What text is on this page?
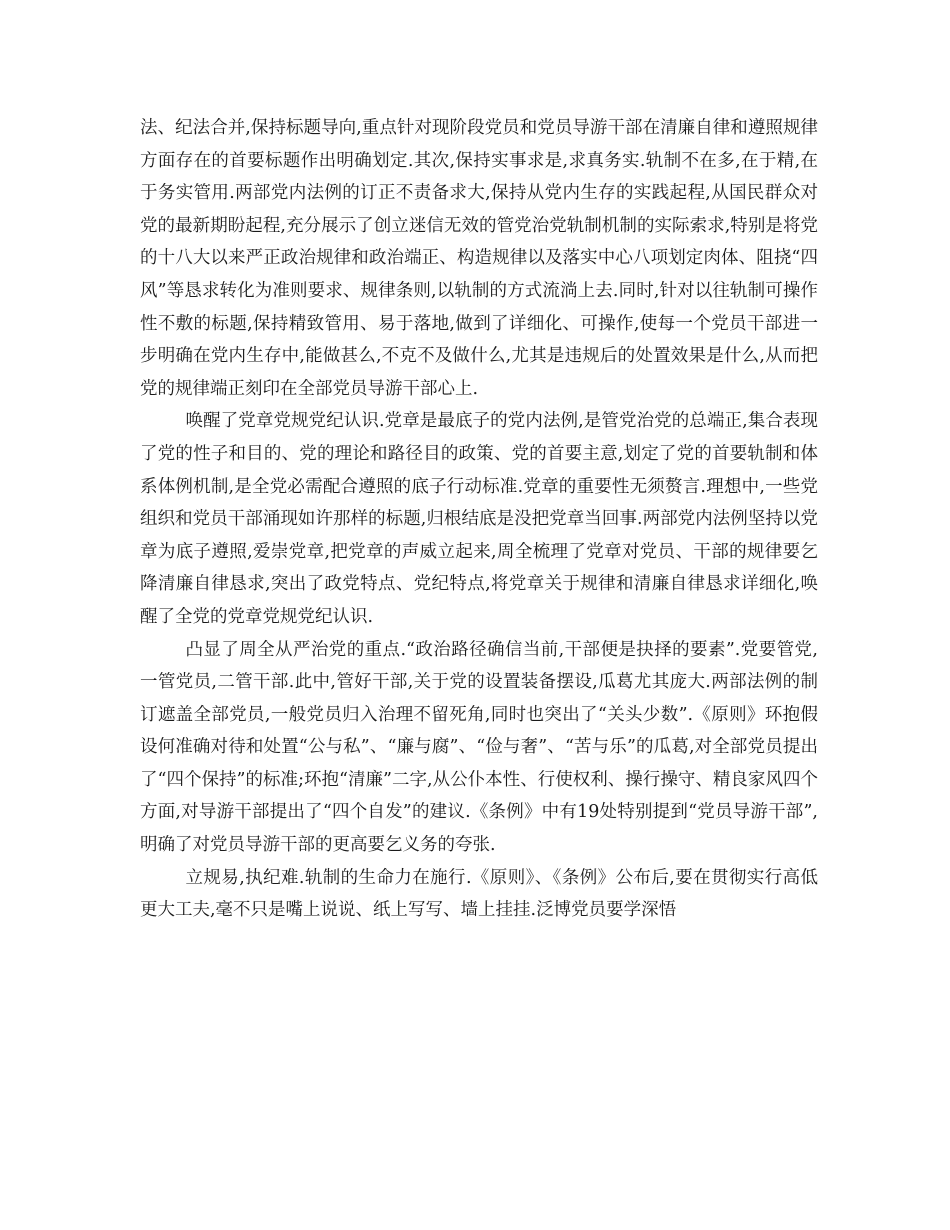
法、纪法合并,保持标题导向,重点针对现阶段党员和党员导游干部在清廉自律和遵照规律方面存在的首要标题作出明确划定.其次,保持实事求是,求真务实.轨制不在多,在于精,在于务实管用.两部党内法例的订正不责备求大,保持从党内生存的实践起程,从国民群众对党的最新期盼起程,充分展示了创立迷信无效的管党治党轨制机制的实际索求,特别是将党的十八大以来严正政治规律和政治端正、构造规律以及落实中心八项划定肉体、阻挠“四风”等恳求转化为准则要求、规律条则,以轨制的方式流淌上去.同时,针对以往轨制可操作性不敷的标题,保持精致管用、易于落地,做到了详细化、可操作,使每一个党员干部进一步明确在党内生存中,能做甚么,不克不及做什么,尤其是违规后的处置效果是什么,从而把党的规律端正刻印在全部党员导游干部心上.

唤醒了党章党规党纪认识.党章是最底子的党内法例,是管党治党的总端正,集合表现了党的性子和目的、党的理论和路径目的政策、党的首要主意,划定了党的首要轨制和体系体例机制,是全党必需配合遵照的底子行动标准.党章的重要性无须赘言.理想中,一些党组织和党员干部涌现如许那样的标题,归根结底是没把党章当回事.两部党内法例坚持以党章为底子遵照,爱崇党章,把党章的声威立起来,周全梳理了党章对党员、干部的规律要乞降清廉自律恳求,突出了政党特点、党纪特点,将党章关于规律和清廉自律恳求详细化,唤醒了全党的党章党规党纪认识.

凸显了周全从严治党的重点.“政治路径确信当前,干部便是抉择的要素”.党要管党,一管党员,二管干部.此中,管好干部,关于党的设置装备摆设,瓜葛尤其庞大.两部法例的制订遮盖全部党员,一般党员归入治理不留死角,同时也突出了“关头少数”.《原则》环抱假设何准确对待和处置“公与私”、“廉与腐”、“俭与奢”、“苦与乐”的瓜葛,对全部党员提出了“四个保持”的标准;环抱“清廉”二字,从公仆本性、行使权利、操行操守、精良家风四个方面,对导游干部提出了“四个自发”的建议.《条例》中有19处特别提到“党员导游干部”,明确了对党员导游干部的更高要乞义务的夸张.

立规易,执纪难.轨制的生命力在施行.《原则》、《条例》公布后,要在贯彻实行高低更大工夫,毫不只是嘴上说说、纸上写写、墙上挂挂.泛博党员要学深悟
